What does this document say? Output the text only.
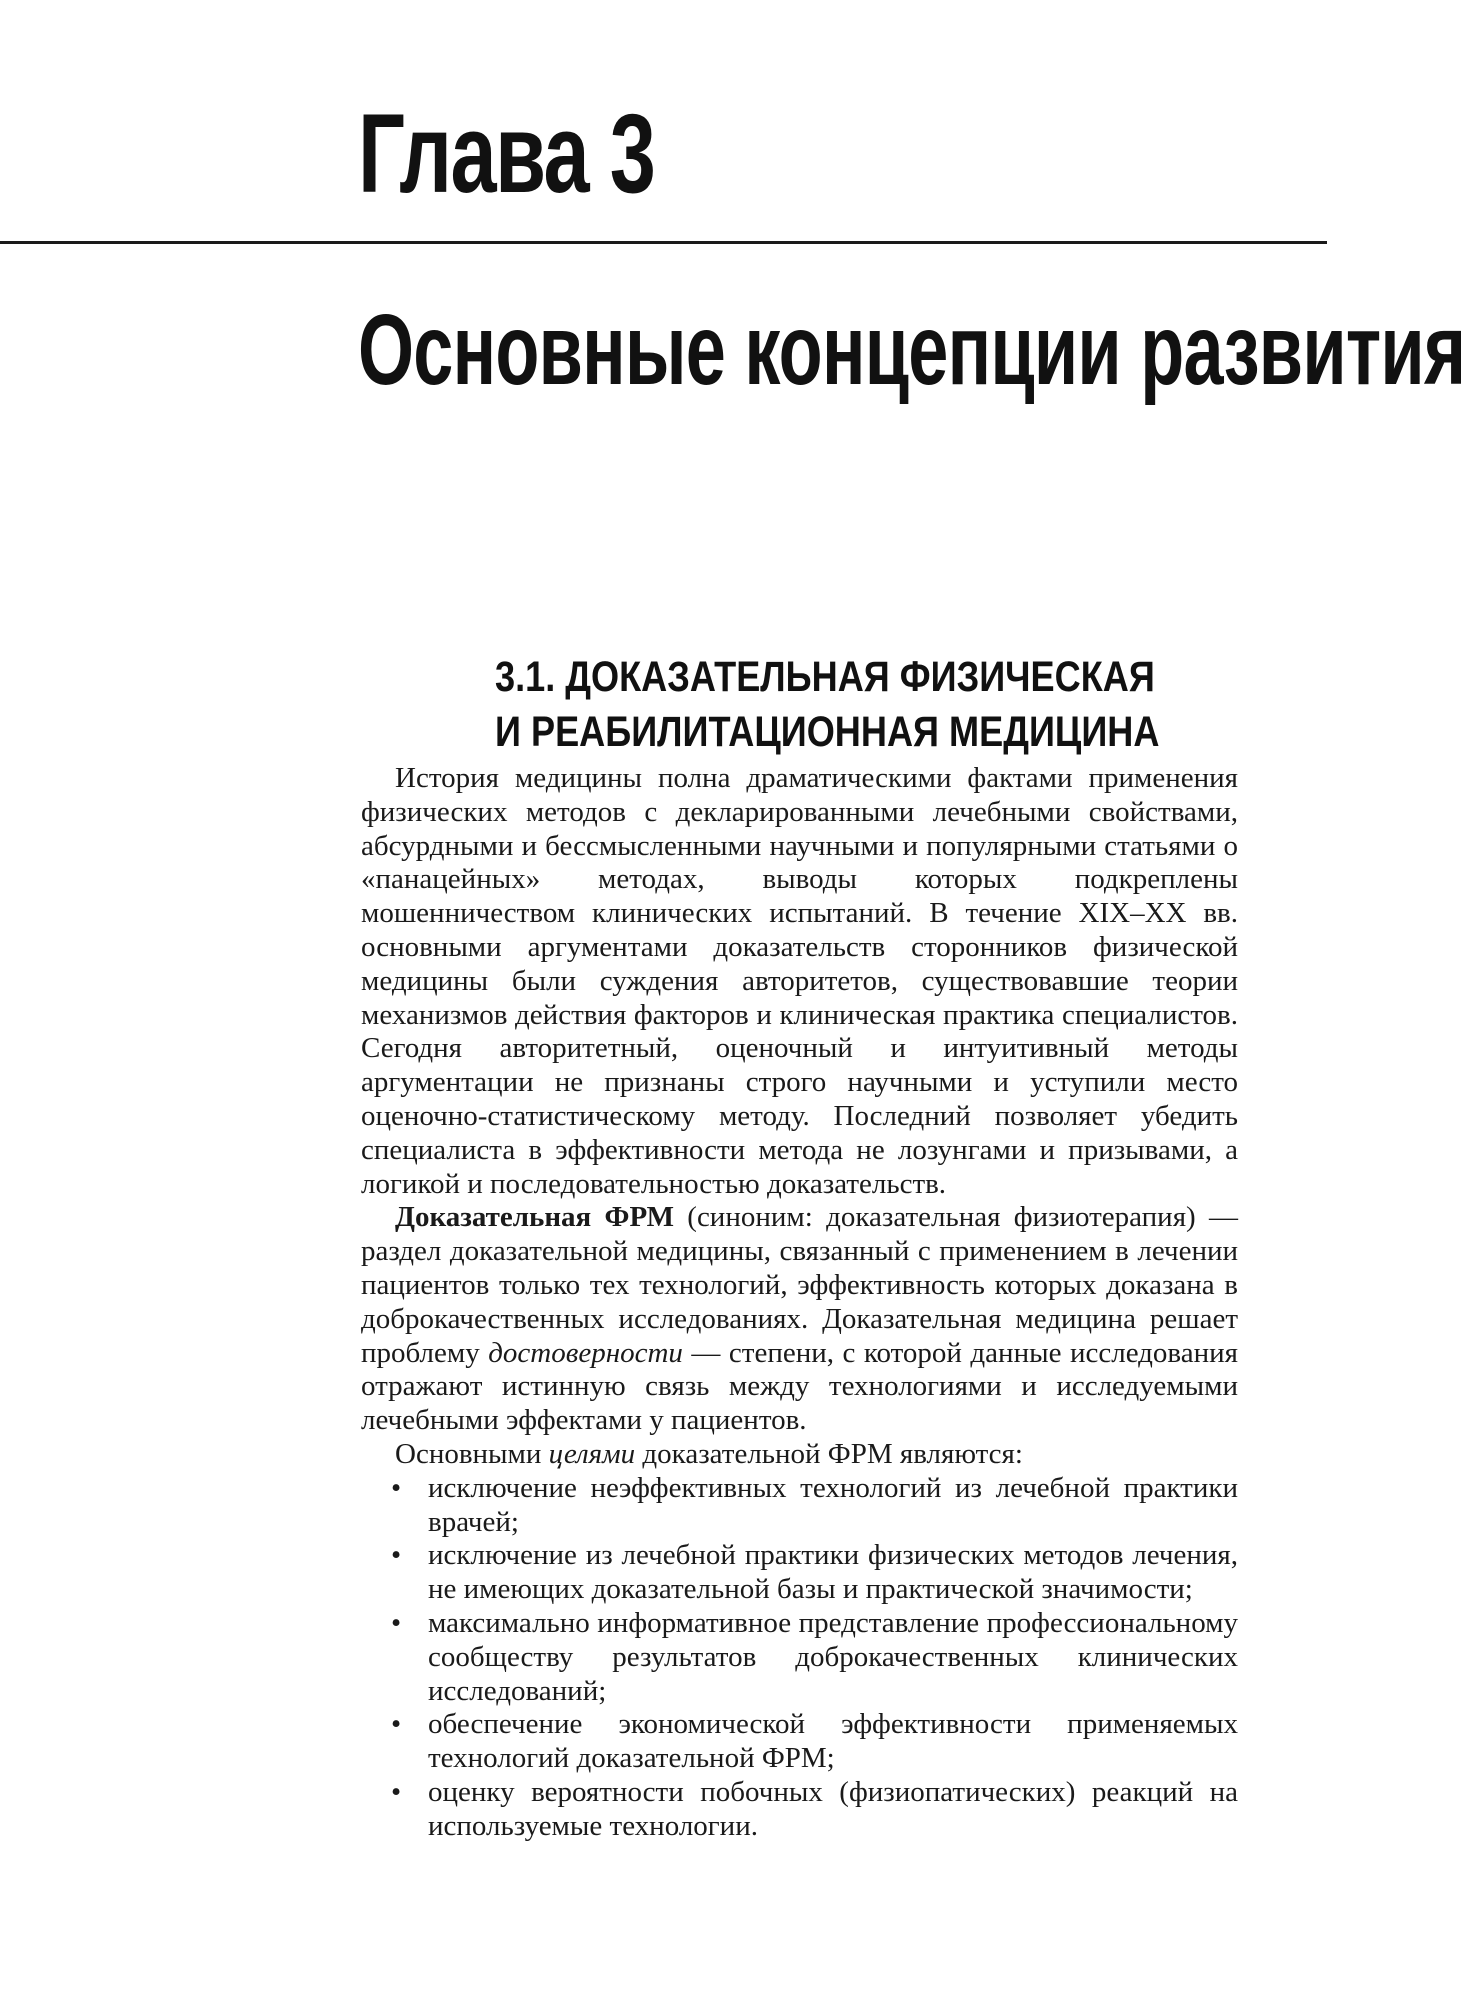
Глава 3
Основные концепции развития
3.1. ДОКАЗАТЕЛЬНАЯ ФИЗИЧЕСКАЯ
И РЕАБИЛИТАЦИОННАЯ МЕДИЦИНА

История медицины полна драматическими фактами применения физических методов с декларированными лечебными свойствами, абсурдными и бессмысленными научными и популярными статьями о «панацейных» методах, выводы которых подкреплены мошенничеством клинических испытаний. В течение XIX–XX вв. основными аргументами доказательств сторонников физической медицины были суждения авторитетов, существовавшие теории механизмов действия факторов и клиническая практика специалистов. Сегодня авторитетный, оценочный и интуитивный методы аргументации не признаны строго научными и уступили место оценочно-статистическому методу. Последний позволяет убедить специалиста в эффективности метода не лозунгами и призывами, а логикой и последовательностью доказательств.

Доказательная ФРМ (синоним: доказательная физиотерапия) — раздел доказательной медицины, связанный с применением в лечении пациентов только тех технологий, эффективность которых доказана в доброкачественных исследованиях. Доказательная медицина решает проблему достоверности — степени, с которой данные исследования отражают истинную связь между технологиями и исследуемыми лечебными эффектами у пациентов.

Основными целями доказательной ФРМ являются:

• исключение неэффективных технологий из лечебной практики врачей;
• исключение из лечебной практики физических методов лечения, не имеющих доказательной базы и практической значимости;
• максимально информативное представление профессиональному сообществу результатов доброкачественных клинических исследований;
• обеспечение экономической эффективности применяемых технологий доказательной ФРМ;
• оценку вероятности побочных (физиопатических) реакций на используемые технологии.
